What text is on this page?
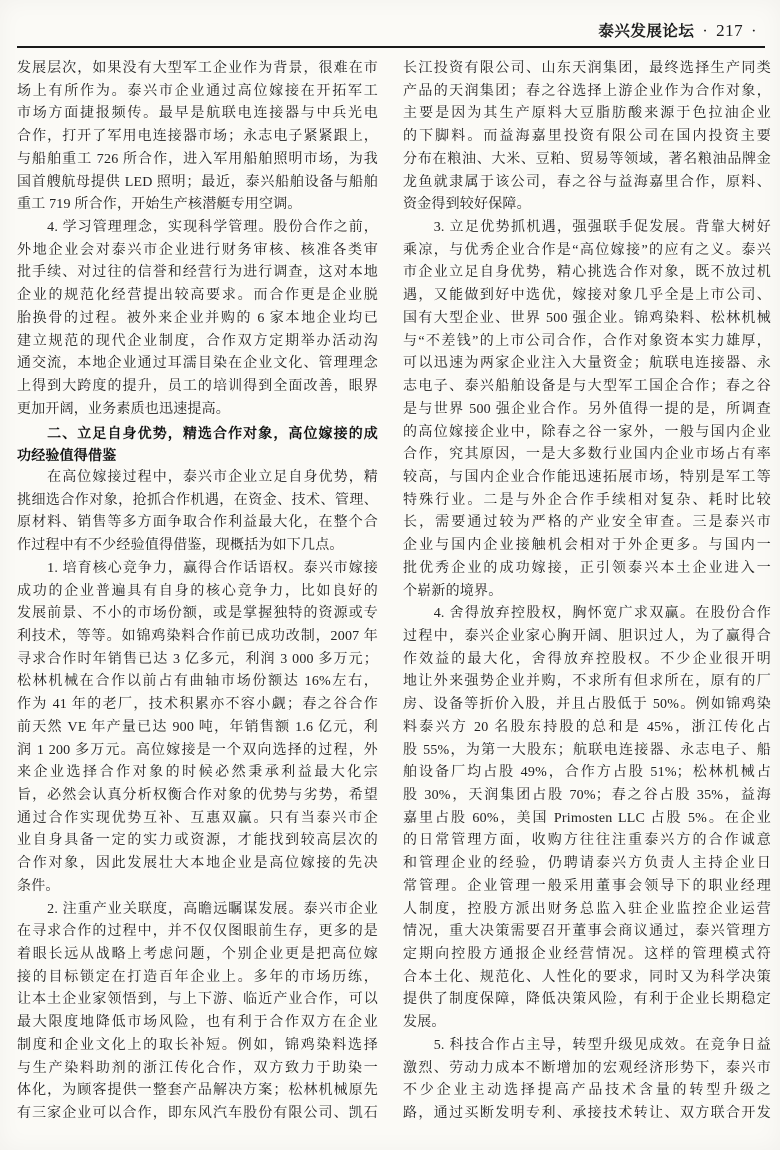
泰兴发展论坛 · 217 ·
发展层次，如果没有大型军工企业作为背景，很难在市
场上有所作为。泰兴市企业通过高位嫁接在开拓军工
市场方面捷报频传。最早是航联电连接器与中兵光电
合作，打开了军用电连接器市场；永志电子紧紧跟上，
与船舶重工 726 所合作，进入军用船舶照明市场，为我
国首艘航母提供 LED 照明；最近，泰兴船舶设备与船舶
重工 719 所合作，开始生产核潜艇专用空调。
　　4. 学习管理理念，实现科学管理。股份合作之前，
外地企业会对泰兴市企业进行财务审核、核准各类审
批手续、对过往的信誉和经营行为进行调查，这对本地
企业的规范化经营提出较高要求。而合作更是企业脱
胎换骨的过程。被外来企业并购的 6 家本地企业均已
建立规范的现代企业制度，合作双方定期举办活动沟
通交流，本地企业通过耳濡目染在企业文化、管理理念
上得到大跨度的提升，员工的培训得到全面改善，眼界
更加开阔，业务素质也迅速提高。
　　二、立足自身优势，精选合作对象，高位嫁接的成
功经验值得借鉴
　　在高位嫁接过程中，泰兴市企业立足自身优势，精
挑细选合作对象，抢抓合作机遇，在资金、技术、管理、
原材料、销售等多方面争取合作利益最大化，在整个合
作过程中有不少经验值得借鉴，现概括为如下几点。
　　1. 培育核心竞争力，赢得合作话语权。泰兴市嫁接
成功的企业普遍具有自身的核心竞争力，比如良好的
发展前景、不小的市场份额，或是掌握独特的资源或专
利技术，等等。如锦鸡染料合作前已成功改制，2007 年
寻求合作时年销售已达 3 亿多元，利润 3 000 多万元；
松林机械在合作以前占有曲轴市场份额达 16%左右，
作为 41 年的老厂，技术积累亦不容小觑；春之谷合作
前天然 VE 年产量已达 900 吨，年销售额 1.6 亿元，利
润 1 200 多万元。高位嫁接是一个双向选择的过程，外
来企业选择合作对象的时候必然秉承利益最大化宗
旨，必然会认真分析权衡合作对象的优势与劣势，希望
通过合作实现优势互补、互惠双赢。只有当泰兴市企
业自身具备一定的实力或资源，才能找到较高层次的
合作对象，因此发展壮大本地企业是高位嫁接的先决
条件。
　　2. 注重产业关联度，高瞻远瞩谋发展。泰兴市企业
在寻求合作的过程中，并不仅仅图眼前生存，更多的是
着眼长远从战略上考虑问题，个别企业更是把高位嫁
接的目标锁定在打造百年企业上。多年的市场历练，
让本土企业家领悟到，与上下游、临近产业合作，可以
最大限度地降低市场风险，也有利于合作双方在企业
制度和企业文化上的取长补短。例如，锦鸡染料选择
与生产染料助剂的浙江传化合作，双方致力于助染一
体化，为顾客提供一整套产品解决方案；松林机械原先
有三家企业可以合作，即东风汽车股份有限公司、凯石
长江投资有限公司、山东天润集团，最终选择生产同类
产品的天润集团；春之谷选择上游企业作为合作对象，
主要是因为其生产原料大豆脂肪酸来源于色拉油企业
的下脚料。而益海嘉里投资有限公司在国内投资主要
分布在粮油、大米、豆粕、贸易等领域，著名粮油品牌金
龙鱼就隶属于该公司，春之谷与益海嘉里合作，原料、
资金得到较好保障。
　　3. 立足优势抓机遇，强强联手促发展。背靠大树好
乘凉，与优秀企业合作是“高位嫁接”的应有之义。泰兴
市企业立足自身优势，精心挑选合作对象，既不放过机
遇，又能做到好中选优，嫁接对象几乎全是上市公司、
国有大型企业、世界 500 强企业。锦鸡染料、松林机械
与“不差钱”的上市公司合作，合作对象资本实力雄厚，
可以迅速为两家企业注入大量资金；航联电连接器、永
志电子、泰兴船舶设备是与大型军工国企合作；春之谷
是与世界 500 强企业合作。另外值得一提的是，所调查
的高位嫁接企业中，除春之谷一家外，一般与国内企业
合作，究其原因，一是大多数行业国内企业市场占有率
较高，与国内企业合作能迅速拓展市场，特别是军工等
特殊行业。二是与外企合作手续相对复杂、耗时比较
长，需要通过较为严格的产业安全审查。三是泰兴市
企业与国内企业接触机会相对于外企更多。与国内一
批优秀企业的成功嫁接，正引领泰兴本土企业进入一
个崭新的境界。
　　4. 舍得放弃控股权，胸怀宽广求双赢。在股份合作
过程中，泰兴企业家心胸开阔、胆识过人，为了赢得合
作效益的最大化，舍得放弃控股权。不少企业很开明
地让外来强势企业并购，不求所有但求所在，原有的厂
房、设备等折价入股，并且占股低于 50%。例如锦鸡染
料泰兴方 20 名股东持股的总和是 45%，浙江传化占
股 55%，为第一大股东；航联电连接器、永志电子、船
舶设备厂均占股 49%，合作方占股 51%；松林机械占
股 30%，天润集团占股 70%；春之谷占股 35%，益海
嘉里占股 60%，美国 Primosten LLC 占股 5%。在企业
的日常管理方面，收购方往往注重泰兴方的合作诚意
和管理企业的经验，仍聘请泰兴方负责人主持企业日
常管理。企业管理一般采用董事会领导下的职业经理
人制度，控股方派出财务总监入驻企业监控企业运营
情况，重大决策需要召开董事会商议通过，泰兴管理方
定期向控股方通报企业经营情况。这样的管理模式符
合本土化、规范化、人性化的要求，同时又为科学决策
提供了制度保障，降低决策风险，有利于企业长期稳定
发展。
　　5. 科技合作占主导，转型升级见成效。在竞争日益
激烈、劳动力成本不断增加的宏观经济形势下，泰兴市
不少企业主动选择提高产品技术含量的转型升级之
路，通过买断发明专利、承接技术转让、双方联合开发
